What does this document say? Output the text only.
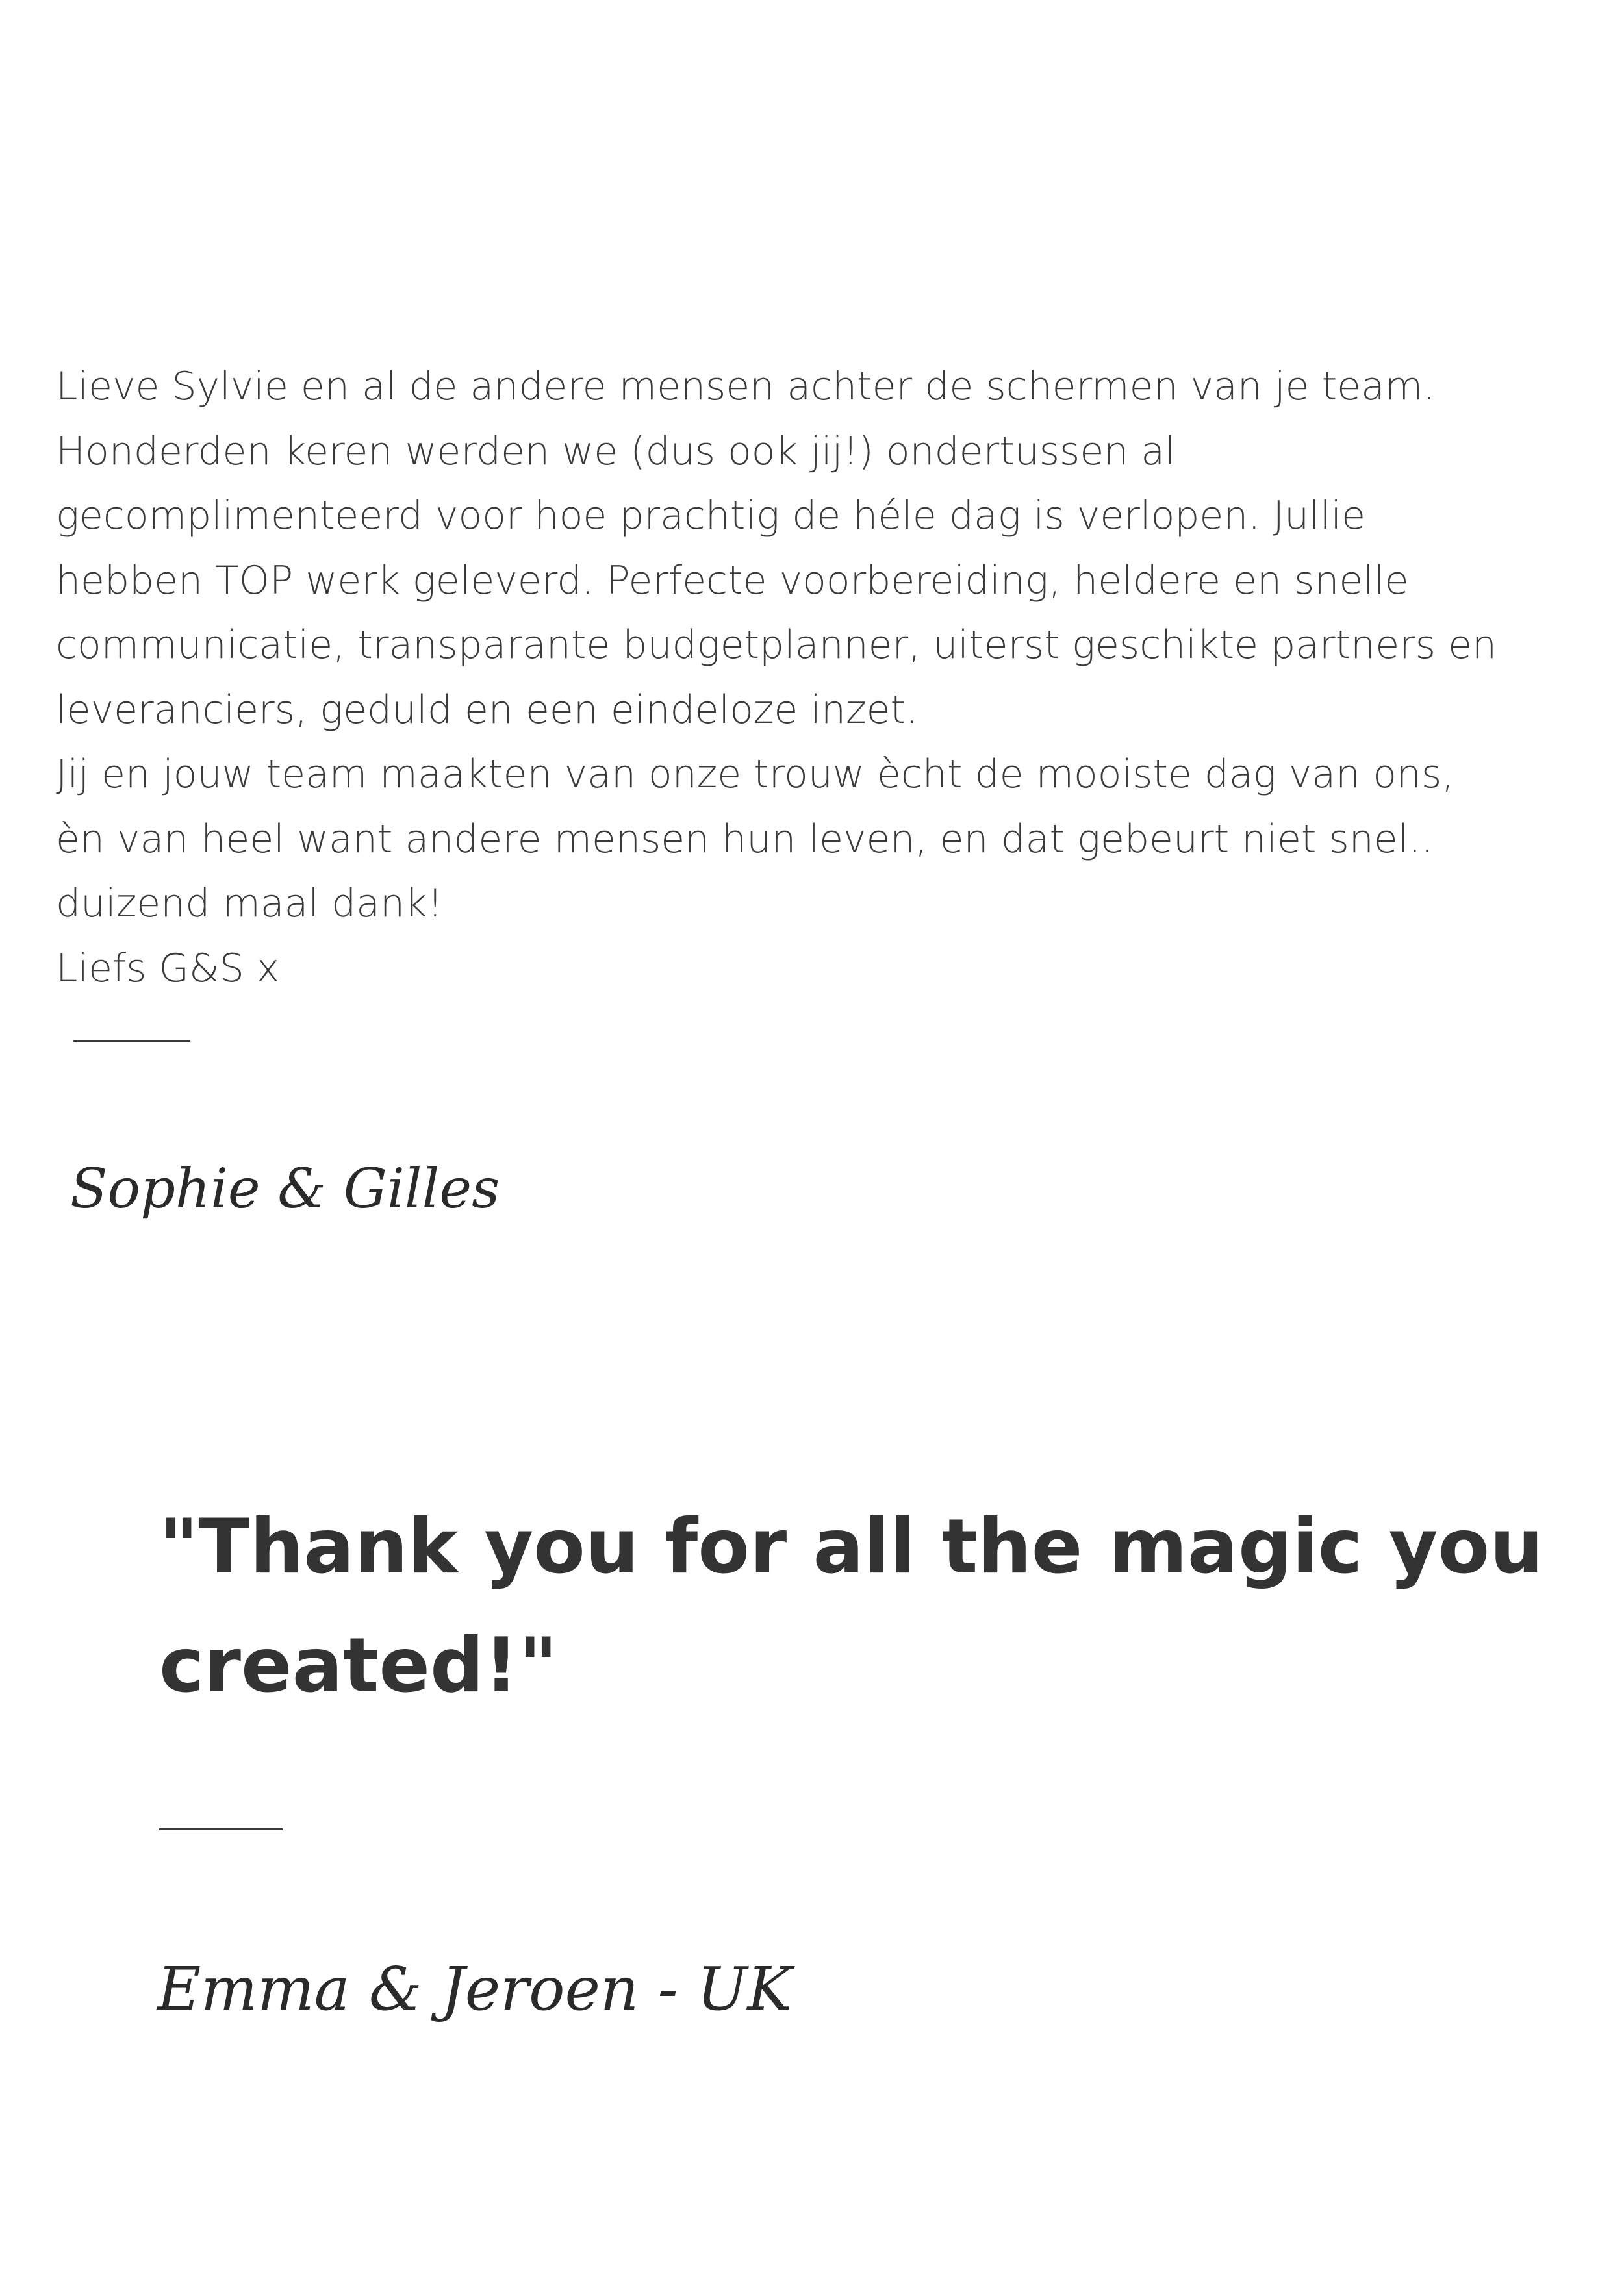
Lieve Sylvie en al de andere mensen achter de schermen van je team.
Honderden keren werden we (dus ook jij!) ondertussen al
gecomplimenteerd voor hoe prachtig de héle dag is verlopen. Jullie
hebben TOP werk geleverd. Perfecte voorbereiding, heldere en snelle
communicatie, transparante budgetplanner, uiterst geschikte partners en
leveranciers, geduld en een eindeloze inzet.
Jij en jouw team maakten van onze trouw ècht de mooiste dag van ons,
èn van heel want andere mensen hun leven, en dat gebeurt niet snel..
duizend maal dank!
Liefs G&S x

Sophie & Gilles

"Thank you for all the magic you
created!"

Emma & Jeroen - UK
